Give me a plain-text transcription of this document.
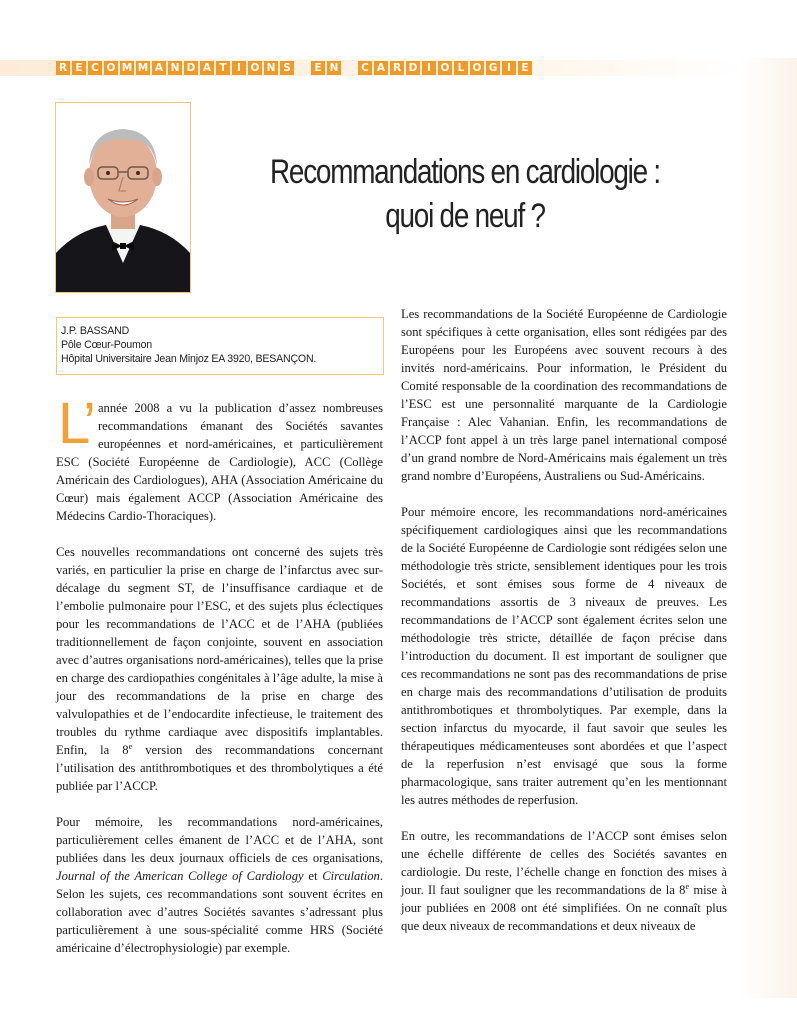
R E C O M M A N D A T I O N S	E N C A R D I O L O G I E
Recommandations en cardiologie :
quoi de neuf ?
J.P. BASSAND
Pôle Cœur-Poumon
Hôpital Universitaire Jean Minjoz EA 3920, BESANÇON.

L’ année 2008 a vu la publication d’assez nombreuses recommandations émanant des Sociétés savantes européennes et nord-américaines, et particulièrement ESC (Société Européenne de Cardiologie), ACC (Collège Américain des Cardiologues), AHA (Association Américaine du Cœur) mais également ACCP (Association Américaine des Médecins Cardio-Thoraciques).

Ces nouvelles recommandations ont concerné des sujets très variés, en particulier la prise en charge de l’infarctus avec sur-décalage du segment ST, de l’insuffisance cardiaque et de l’embolie pulmonaire pour l’ESC, et des sujets plus éclectiques pour les recommandations de l’ACC et de l’AHA (publiées traditionnellement de façon conjointe, souvent en association avec d’autres organisations nord-américaines), telles que la prise en charge des cardiopathies congénitales à l’âge adulte, la mise à jour des recommandations de la prise en charge des valvulopathies et de l’endocardite infectieuse, le traitement des troubles du rythme cardiaque avec dispositifs implantables. Enfin, la 8e version des recommandations concernant l’utilisation des antithrombotiques et des thrombolytiques a été publiée par l’ACCP.

Pour mémoire, les recommandations nord-américaines, particulièrement celles émanent de l’ACC et de l’AHA, sont publiées dans les deux journaux officiels de ces organisations, Journal of the American College of Cardiology et Circulation. Selon les sujets, ces recommandations sont souvent écrites en collaboration avec d’autres Sociétés savantes s’adressant plus particulièrement à une sous-spécialité comme HRS (Société américaine d’électrophysiologie) par exemple.

Les recommandations de la Société Européenne de Cardiologie sont spécifiques à cette organisation, elles sont rédigées par des Européens pour les Européens avec souvent recours à des invités nord-américains. Pour information, le Président du Comité responsable de la coordination des recommandations de l’ESC est une personnalité marquante de la Cardiologie Française : Alec Vahanian. Enfin, les recommandations de l’ACCP font appel à un très large panel international composé d’un grand nombre de Nord-Américains mais également un très grand nombre d’Européens, Australiens ou Sud-Américains.

Pour mémoire encore, les recommandations nord-américaines spécifiquement cardiologiques ainsi que les recommandations de la Société Européenne de Cardiologie sont rédigées selon une méthodologie très stricte, sensiblement identiques pour les trois Sociétés, et sont émises sous forme de 4 niveaux de recommandations assortis de 3 niveaux de preuves. Les recommandations de l’ACCP sont également écrites selon une méthodologie très stricte, détaillée de façon précise dans l’introduction du document. Il est important de souligner que ces recommandations ne sont pas des recommandations de prise en charge mais des recommandations d’utilisation de produits antithrombotiques et thrombolytiques. Par exemple, dans la section infarctus du myocarde, il faut savoir que seules les thérapeutiques médicamenteuses sont abordées et que l’aspect de la reperfusion n’est envisagé que sous la forme pharmacologique, sans traiter autrement qu’en les mentionnant les autres méthodes de reperfusion.

En outre, les recommandations de l’ACCP sont émises selon une échelle différente de celles des Sociétés savantes en cardiologie. Du reste, l’échelle change en fonction des mises à jour. Il faut souligner que les recommandations de la 8e mise à jour publiées en 2008 ont été simplifiées. On ne connaît plus que deux niveaux de recommandations et deux niveaux de
